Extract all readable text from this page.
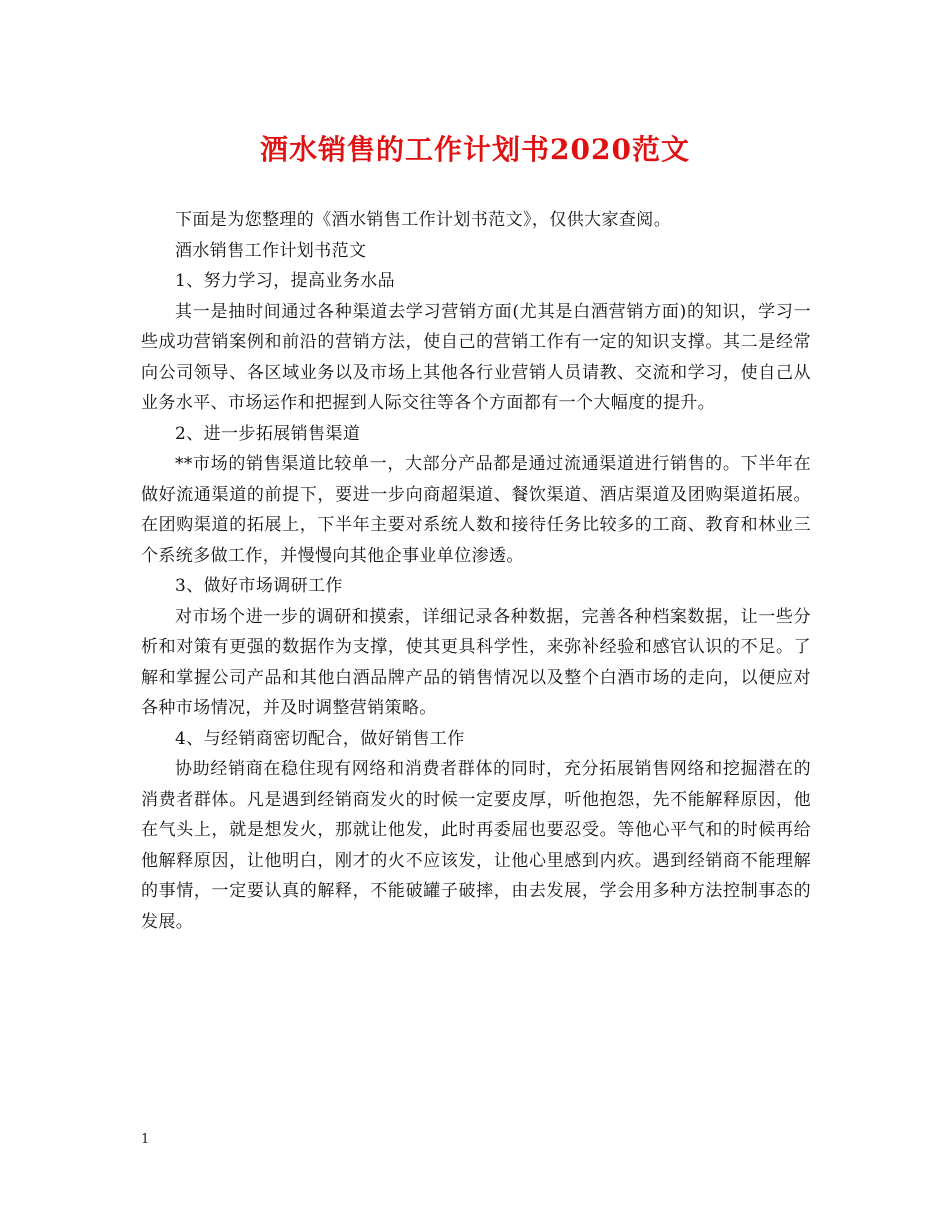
酒水销售的工作计划书2020范文

下面是为您整理的《酒水销售工作计划书范文》，仅供大家查阅。

酒水销售工作计划书范文

1、努力学习，提高业务水品

其一是抽时间通过各种渠道去学习营销方面(尤其是白酒营销方面)的知识，学习一些成功营销案例和前沿的营销方法，使自己的营销工作有一定的知识支撑。其二是经常向公司领导、各区域业务以及市场上其他各行业营销人员请教、交流和学习，使自己从业务水平、市场运作和把握到人际交往等各个方面都有一个大幅度的提升。

2、进一步拓展销售渠道

**市场的销售渠道比较单一，大部分产品都是通过流通渠道进行销售的。下半年在做好流通渠道的前提下，要进一步向商超渠道、餐饮渠道、酒店渠道及团购渠道拓展。在团购渠道的拓展上，下半年主要对系统人数和接待任务比较多的工商、教育和林业三个系统多做工作，并慢慢向其他企事业单位渗透。

3、做好市场调研工作

对市场个进一步的调研和摸索，详细记录各种数据，完善各种档案数据，让一些分析和对策有更强的数据作为支撑，使其更具科学性，来弥补经验和感官认识的不足。了解和掌握公司产品和其他白酒品牌产品的销售情况以及整个白酒市场的走向，以便应对各种市场情况，并及时调整营销策略。

4、与经销商密切配合，做好销售工作

协助经销商在稳住现有网络和消费者群体的同时，充分拓展销售网络和挖掘潜在的消费者群体。凡是遇到经销商发火的时候一定要皮厚，听他抱怨，先不能解释原因，他在气头上，就是想发火，那就让他发，此时再委屈也要忍受。等他心平气和的时候再给他解释原因，让他明白，刚才的火不应该发，让他心里感到内疚。遇到经销商不能理解的事情，一定要认真的解释，不能破罐子破摔，由去发展，学会用多种方法控制事态的发展。

1
